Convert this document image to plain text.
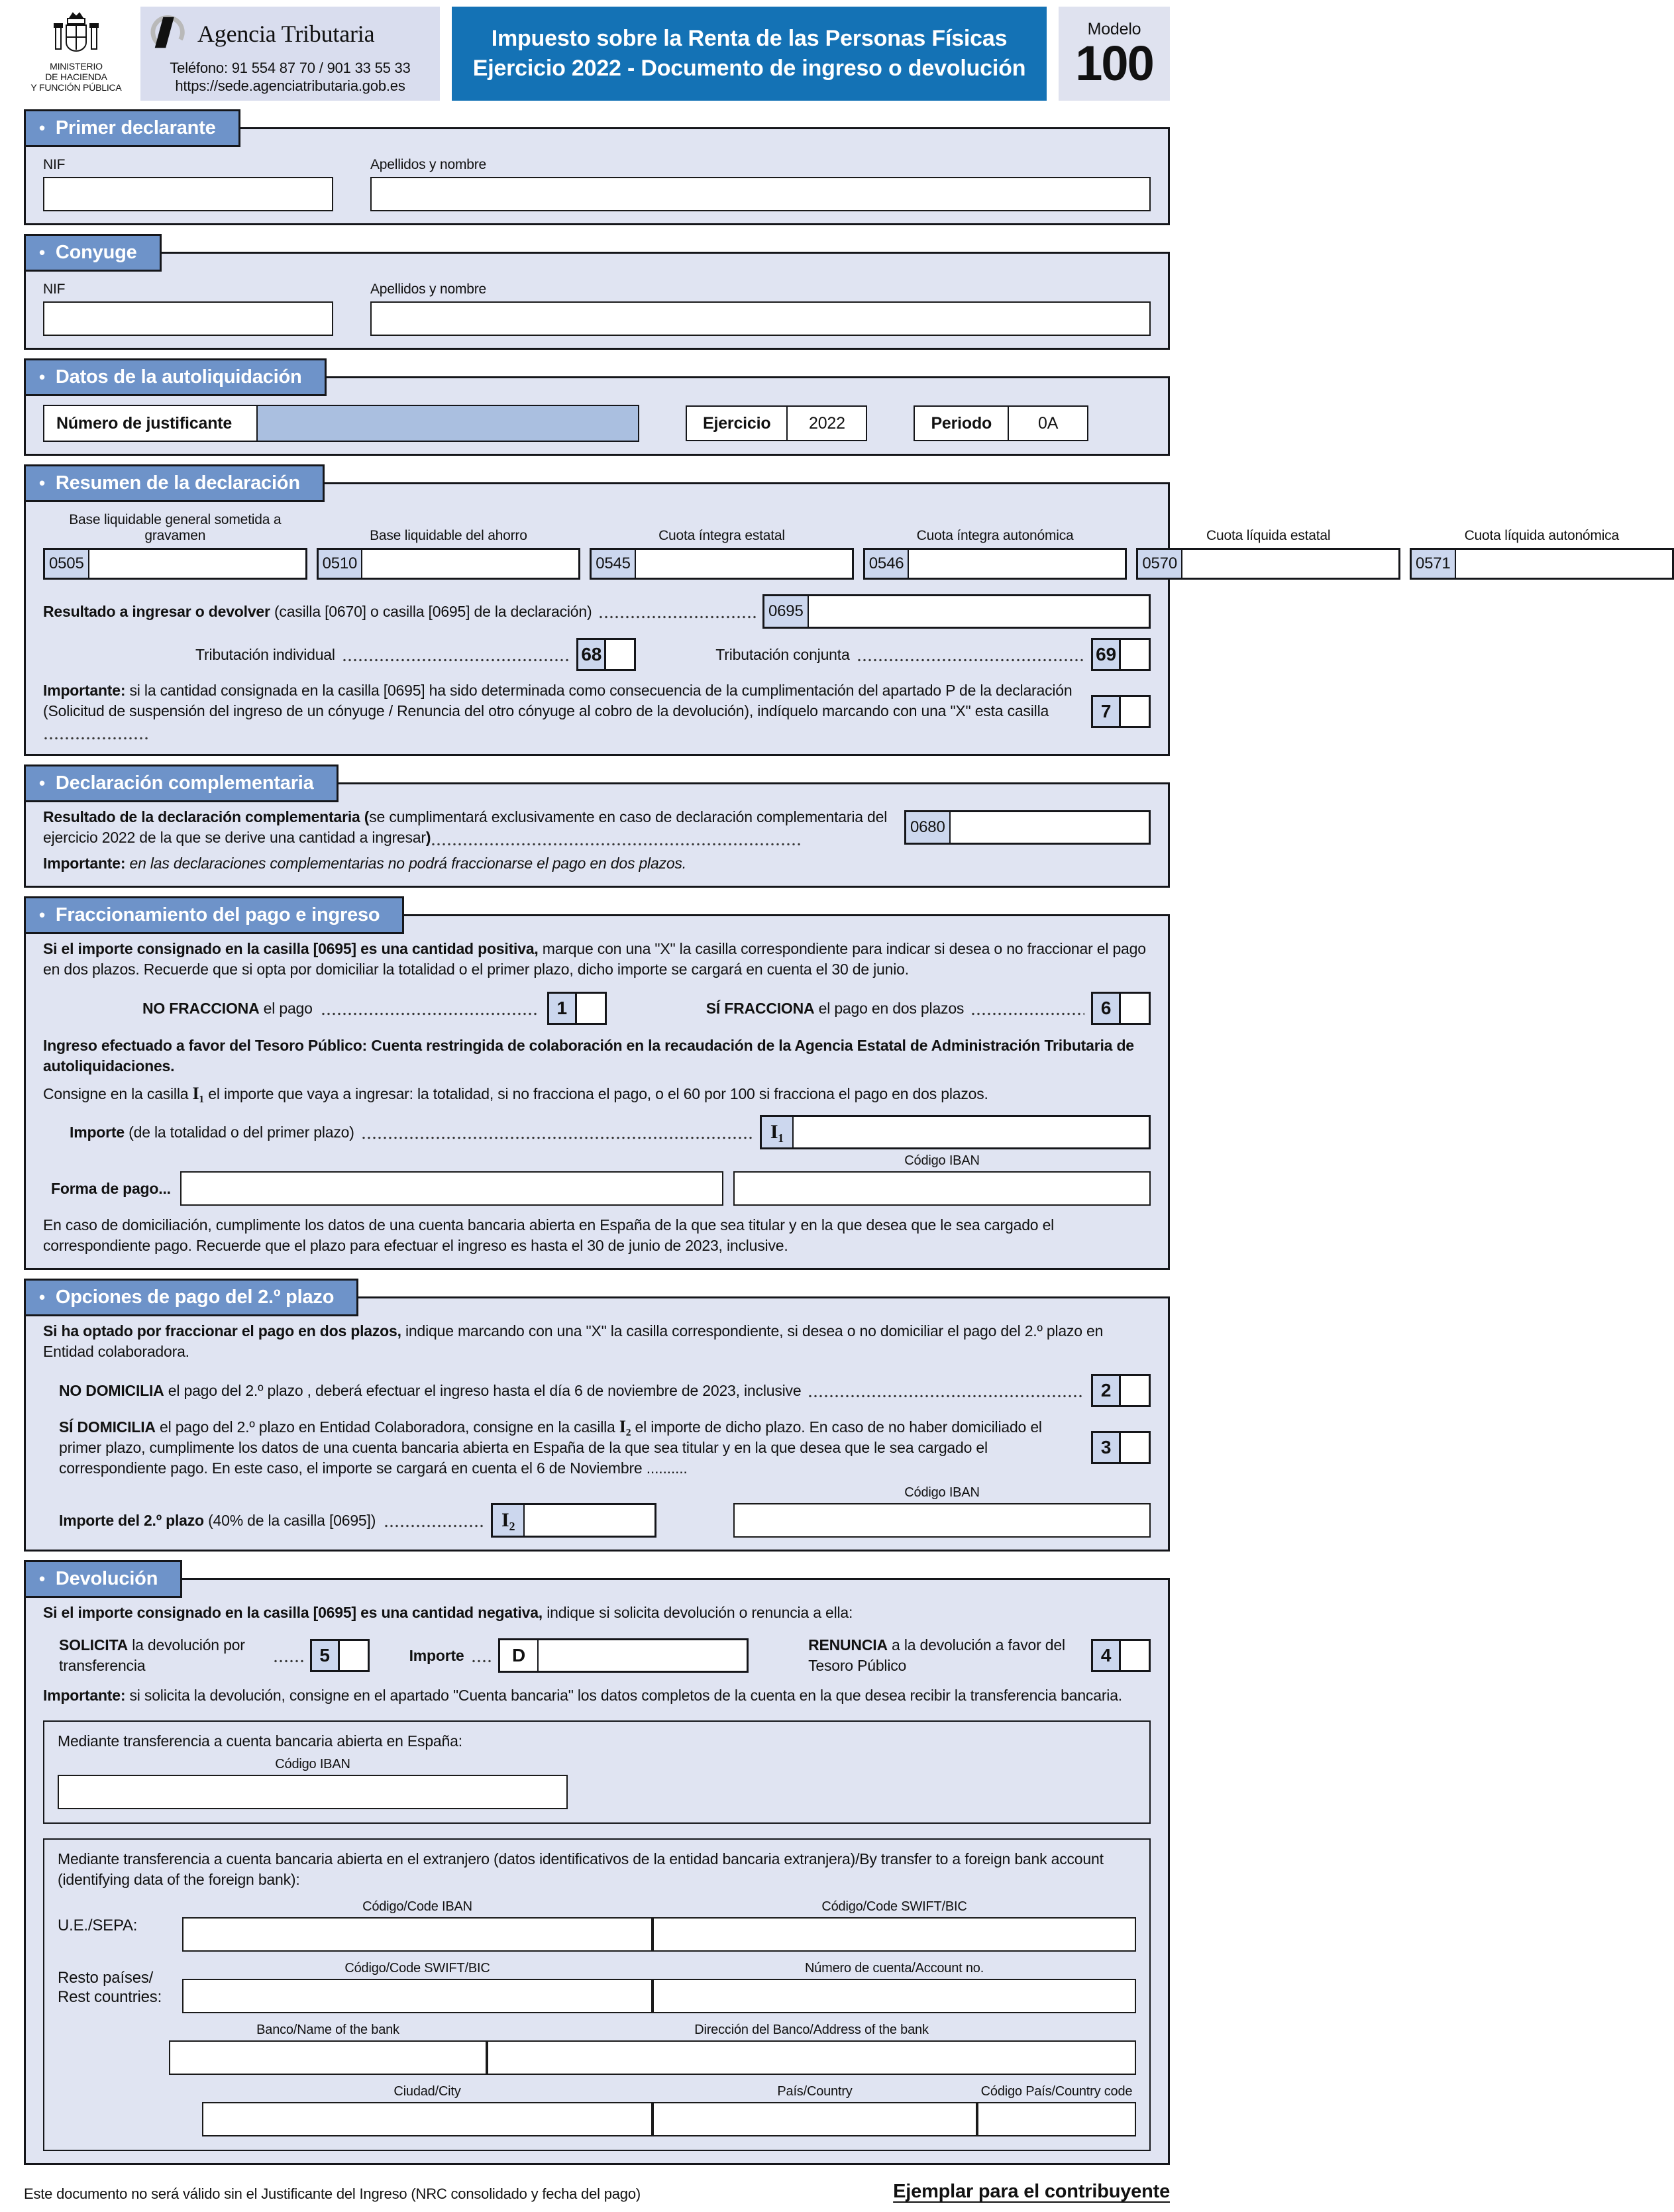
MINISTERIO
DE HACIENDA
Y FUNCIÓN PÚBLICA
Agencia Tributaria
Teléfono: 91 554 87 70 / 901 33 55 33
https://sede.agenciatributaria.gob.es
Impuesto sobre la Renta de las Personas Físicas
Ejercicio 2022 - Documento de ingreso o devolución
Modelo
100
• Primer declarante
NIF	Apellidos y nombre
• Conyuge
NIF	Apellidos y nombre
• Datos de la autoliquidación
Número de justificante	Ejercicio	2022	Periodo	0A
• Resumen de la declaración
Base liquidable general sometida a gravamen
0505
Base liquidable del ahorro
0510
Cuota íntegra estatal
0545
Cuota íntegra autonómica
0546
Cuota líquida estatal
0570
Cuota líquida autonómica
0571
Resultado a ingresar o devolver (casilla [0670] o casilla [0695] de la declaración)	0695
Tributación individual	68	Tributación conjunta	69
Importante: si la cantidad consignada en la casilla [0695] ha sido determinada como consecuencia de la cumplimentación del apartado P de la declaración (Solicitud de suspensión del ingreso de un cónyuge / Renuncia del otro cónyuge al cobro de la devolución), indíquelo marcando con una "X" esta casilla	7
• Declaración complementaria
Resultado de la declaración complementaria (se cumplimentará exclusivamente en caso de declaración complementaria del ejercicio 2022 de la que se derive una cantidad a ingresar)
0680
Importante: en las declaraciones complementarias no podrá fraccionarse el pago en dos plazos.
• Fraccionamiento del pago e ingreso
Si el importe consignado en la casilla [0695] es una cantidad positiva, marque con una "X" la casilla correspondiente para indicar si desea o no fraccionar el pago en dos plazos. Recuerde que si opta por domiciliar la totalidad o el primer plazo, dicho importe se cargará en cuenta el 30 de junio.
NO FRACCIONA el pago	1	SÍ FRACCIONA el pago en dos plazos	6
Ingreso efectuado a favor del Tesoro Público: Cuenta restringida de colaboración en la recaudación de la Agencia Estatal de Administración Tributaria de autoliquidaciones.
Consigne en la casilla I₁ el importe que vaya a ingresar: la totalidad, si no fracciona el pago, o el 60 por 100 si fracciona el pago en dos plazos.
Importe (de la totalidad o del primer plazo)	I₁
Código IBAN
Forma de pago...
En caso de domiciliación, cumplimente los datos de una cuenta bancaria abierta en España de la que sea titular y en la que desea que le sea cargado el correspondiente pago. Recuerde que el plazo para efectuar el ingreso es hasta el 30 de junio de 2023, inclusive.
• Opciones de pago del 2.º plazo
Si ha optado por fraccionar el pago en dos plazos, indique marcando con una "X" la casilla correspondiente, si desea o no domiciliar el pago del 2.º plazo en Entidad colaboradora.
NO DOMICILIA el pago del 2.º plazo , deberá efectuar el ingreso hasta el día 6 de noviembre de 2023, inclusive	2
SÍ DOMICILIA el pago del 2.º plazo en Entidad Colaboradora, consigne en la casilla I₂ el importe de dicho plazo. En caso de no haber domiciliado el primer plazo, cumplimente los datos de una cuenta bancaria abierta en España de la que sea titular y en la que desea que le sea cargado el correspondiente pago. En este caso, el importe se cargará en cuenta el 6 de Noviembre ..........
3
Código IBAN
Importe del 2.º plazo (40% de la casilla [0695])	I₂
• Devolución
Si el importe consignado en la casilla [0695] es una cantidad negativa, indique si solicita devolución o renuncia a ella:
SOLICITA la devolución por transferencia	5	Importe	D	RENUNCIA a la devolución a favor del Tesoro Público	4
Importante: si solicita la devolución, consigne en el apartado "Cuenta bancaria" los datos completos de la cuenta en la que desea recibir la transferencia bancaria.
Mediante transferencia a cuenta bancaria abierta en España:
Código IBAN
Mediante transferencia a cuenta bancaria abierta en el extranjero (datos identificativos de la entidad bancaria extranjera)/By transfer to a foreign bank account (identifying data of the foreign bank):
U.E./SEPA:
Código/Code IBAN	Código/Code SWIFT/BIC
Resto países/
Rest countries:
Código/Code SWIFT/BIC	Número de cuenta/Account no.
Banco/Name of the bank	Dirección del Banco/Address of the bank
Ciudad/City	País/Country	Código País/Country code
Este documento no será válido sin el Justificante del Ingreso (NRC consolidado y fecha del pago)	Ejemplar para el contribuyente
